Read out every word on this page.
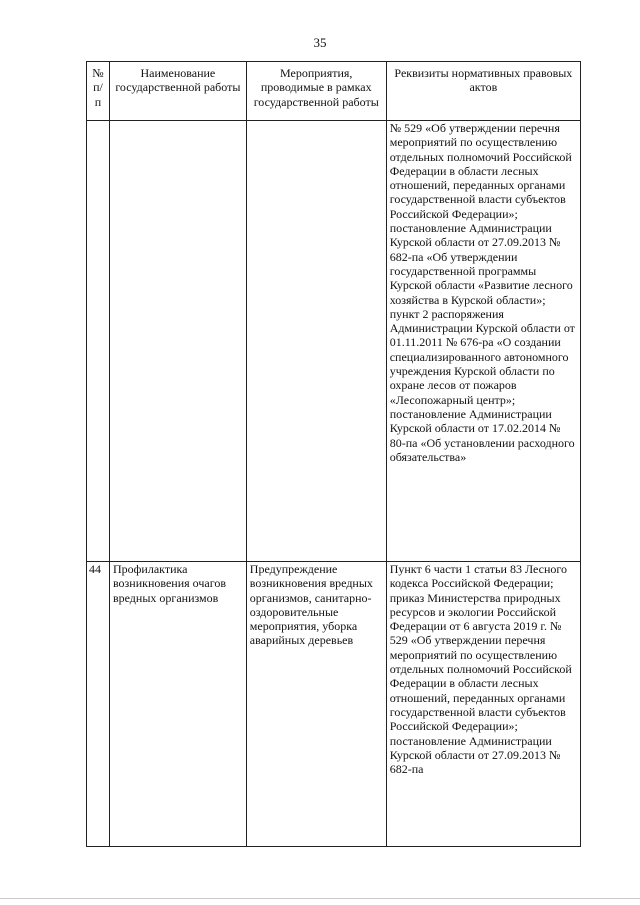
35
№ п/п	Наименование государственной работы	Мероприятия, проводимые в рамках государственной работы	Реквизиты нормативных правовых актов
			№ 529 «Об утверждении перечня мероприятий по осуществлению отдельных полномочий Российской Федерации в области лесных отношений, переданных органами государственной власти субъектов Российской Федерации»; постановление Администрации Курской области от 27.09.2013 № 682-па «Об утверждении государственной программы Курской области «Развитие лесного хозяйства в Курской области»; пункт 2 распоряжения Администрации Курской области от 01.11.2011 № 676-ра «О создании специализированного автономного учреждения Курской области по охране лесов от пожаров «Лесопожарный центр»; постановление Администрации Курской области от 17.02.2014 № 80-па «Об установлении расходного обязательства»
44	Профилактика возникновения очагов вредных организмов	Предупреждение возникновения вредных организмов, санитарно-оздоровительные мероприятия, уборка аварийных деревьев	Пункт 6 части 1 статьи 83 Лесного кодекса Российской Федерации; приказ Министерства природных ресурсов и экологии Российской Федерации от 6 августа 2019 г. № 529 «Об утверждении перечня мероприятий по осуществлению отдельных полномочий Российской Федерации в области лесных отношений, переданных органами государственной власти субъектов Российской Федерации»; постановление Администрации Курской области от 27.09.2013 № 682-па
